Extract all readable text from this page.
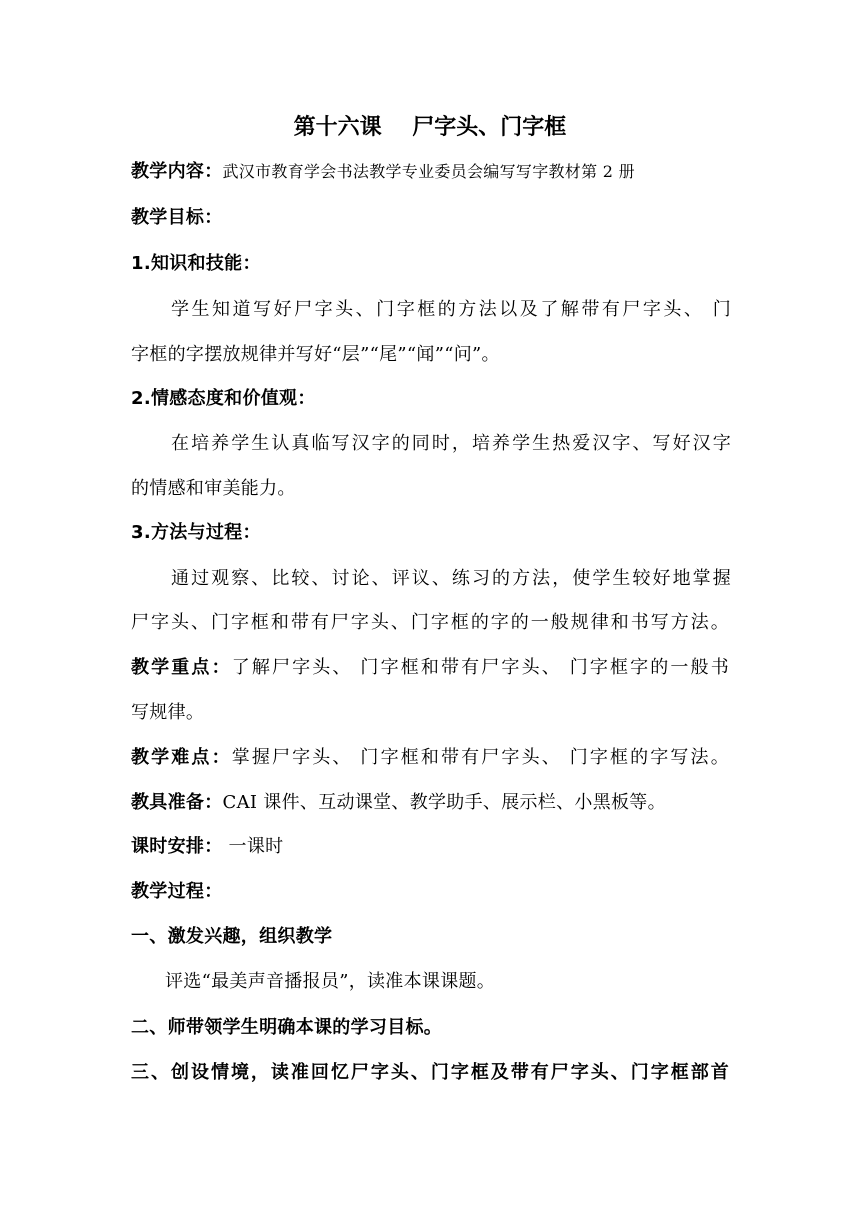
第十六课    尸字头、门字框
教学内容：武汉市教育学会书法教学专业委员会编写写字教材第 2 册
教学目标：
1.知识和技能：
学生知道写好尸字头、门字框的方法以及了解带有尸字头、 门
字框的字摆放规律并写好“层”“尾”“闻”“问”。
2.情感态度和价值观：
在培养学生认真临写汉字的同时，培养学生热爱汉字、写好汉字
的情感和审美能力。
3.方法与过程：
通过观察、比较、讨论、评议、练习的方法，使学生较好地掌握
尸字头、门字框和带有尸字头、门字框的字的一般规律和书写方法。
教学重点：了解尸字头、 门字框和带有尸字头、 门字框字的一般书
写规律。
教学难点：掌握尸字头、 门字框和带有尸字头、 门字框的字写法。
教具准备：CAI 课件、互动课堂、教学助手、展示栏、小黑板等。
课时安排： 一课时
教学过程：
一、激发兴趣，组织教学
评选“最美声音播报员”，读准本课课题。
二、师带领学生明确本课的学习目标。
三、创设情境，读准回忆尸字头、门字框及带有尸字头、门字框部首
